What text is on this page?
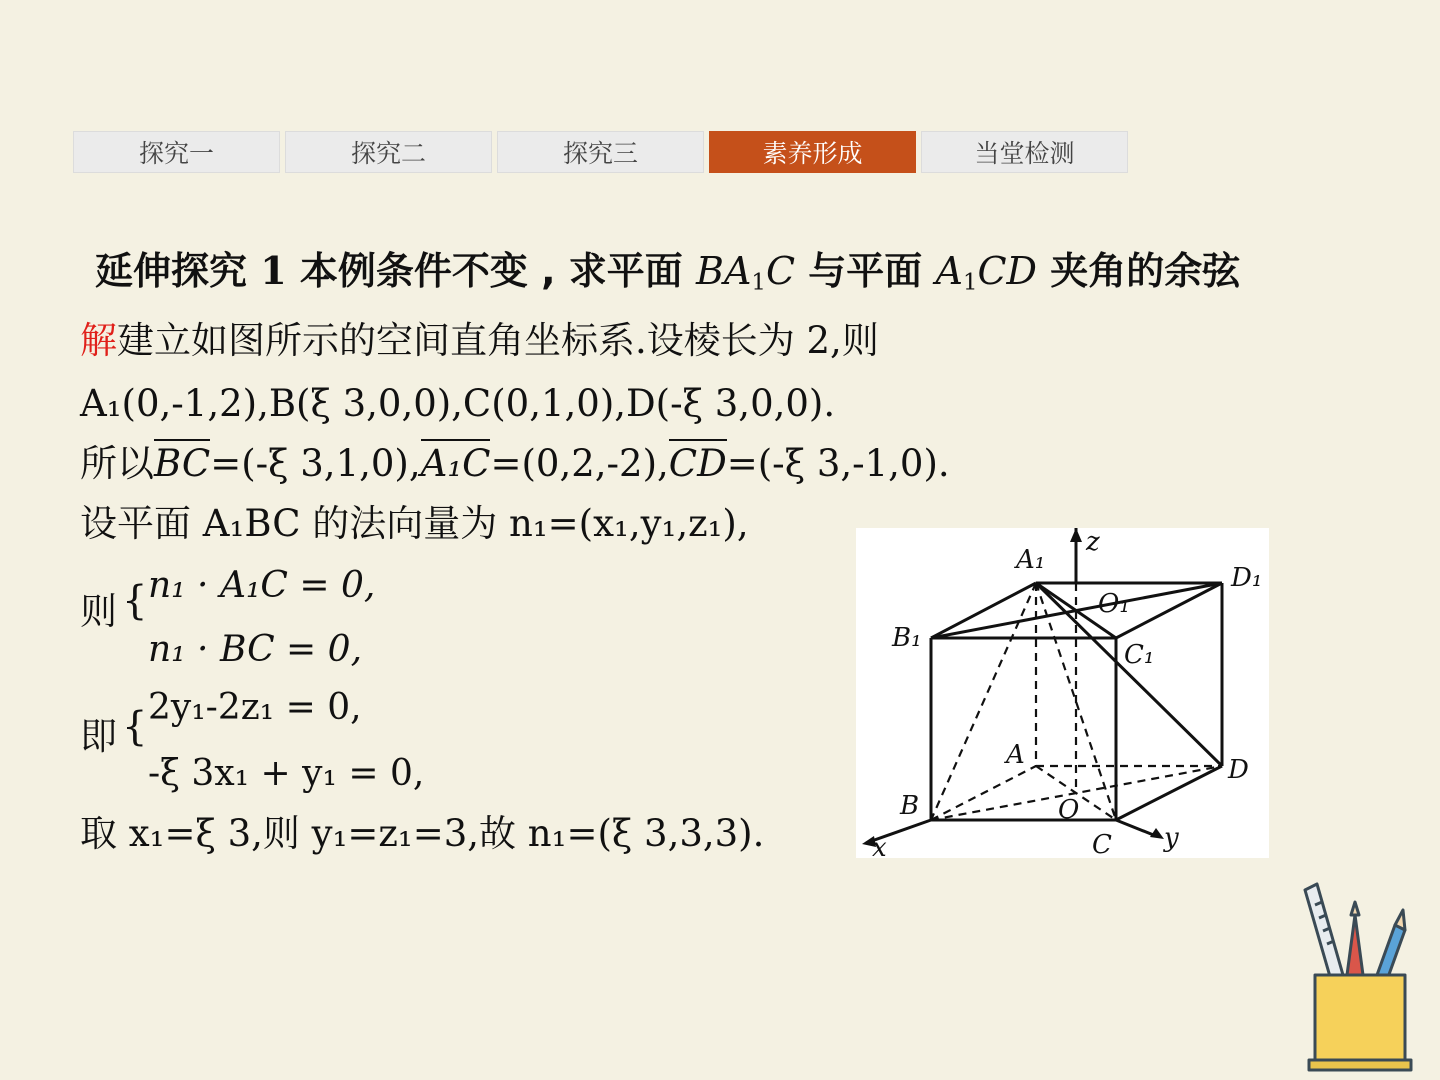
探究一	探究二	探究三	素养形成	当堂检测
延伸探究 1 本例条件不变 , 求平面 $BA_1C$ 与平面 $A_1CD$ 夹角的余弦
解建立如图所示的空间直角坐标系.设棱长为 2,则
A₁(0,-1,2),B(ξ 3,0,0),C(0,1,0),D(-ξ 3,0,0).
所以BC=(-ξ 3,1,0),A₁C=(0,2,-2),CD=(-ξ 3,-1,0).
设平面 A₁BC 的法向量为 n₁=(x₁,y₁,z₁),
则 { n₁ · A₁C = 0,
n₁ · BC = 0,
即 { 2y₁-2z₁ = 0,
-ξ 3x₁ + y₁ = 0,
取 x₁=ξ 3,则 y₁=z₁=3,故 n₁=(ξ 3,3,3).
A₁
z
D₁
O₁
B₁
C₁
A	D
B	O
C y
x
